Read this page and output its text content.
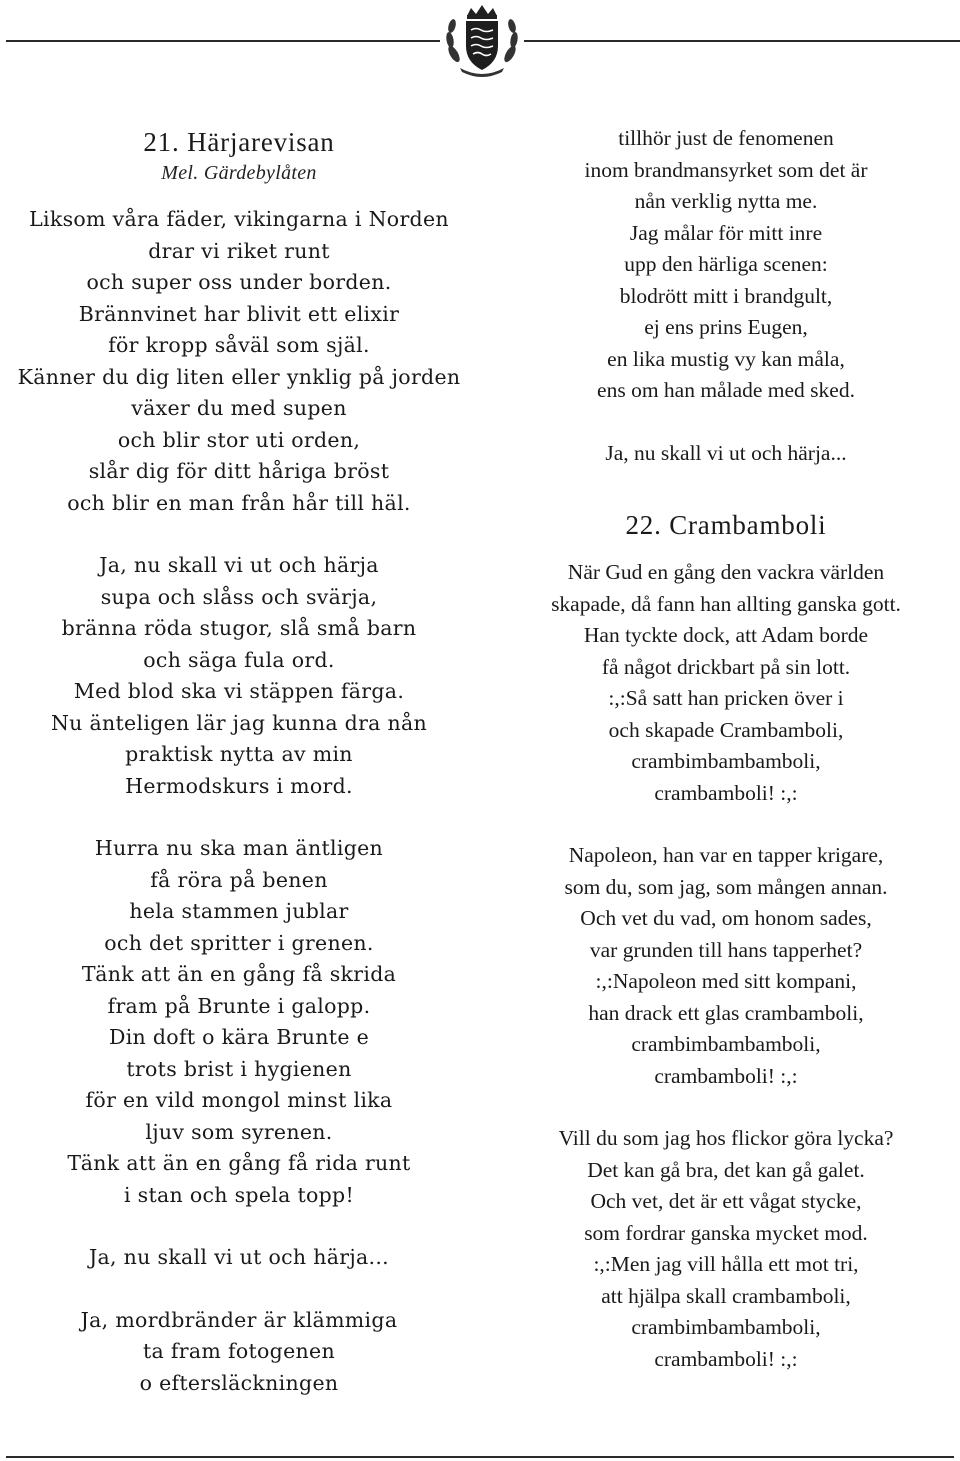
21. Härjarevisan
Mel. Gärdebylåten
Liksom våra fäder, vikingarna i Norden
drar vi riket runt
och super oss under borden.
Brännvinet har blivit ett elixir
för kropp såväl som själ.
Känner du dig liten eller ynklig på jorden
växer du med supen
och blir stor uti orden,
slår dig för ditt håriga bröst
och blir en man från hår till häl.
Ja, nu skall vi ut och härja
supa och slåss och svärja,
bränna röda stugor, slå små barn
och säga fula ord.
Med blod ska vi stäppen färga.
Nu änteligen lär jag kunna dra nån
praktisk nytta av min
Hermodskurs i mord.
Hurra nu ska man äntligen
få röra på benen
hela stammen jublar
och det spritter i grenen.
Tänk att än en gång få skrida
fram på Brunte i galopp.
Din doft o kära Brunte e
trots brist i hygienen
för en vild mongol minst lika
ljuv som syrenen.
Tänk att än en gång få rida runt
i stan och spela topp!
Ja, nu skall vi ut och härja...
Ja, mordbränder är klämmiga
ta fram fotogenen
o eftersläckningen
tillhör just de fenomenen
inom brandmansyrket som det är
nån verklig nytta me.
Jag målar för mitt inre
upp den härliga scenen:
blodrött mitt i brandgult,
ej ens prins Eugen,
en lika mustig vy kan måla,
ens om han målade med sked.
Ja, nu skall vi ut och härja...
22. Crambamboli
När Gud en gång den vackra världen
skapade, då fann han allting ganska gott.
Han tyckte dock, att Adam borde
få något drickbart på sin lott.
:,:Så satt han pricken över i
och skapade Crambamboli,
crambimbambamboli,
crambamboli! :,:
Napoleon, han var en tapper krigare,
som du, som jag, som mången annan.
Och vet du vad, om honom sades,
var grunden till hans tapperhet?
:,:Napoleon med sitt kompani,
han drack ett glas crambamboli,
crambimbambamboli,
crambamboli! :,:
Vill du som jag hos flickor göra lycka?
Det kan gå bra, det kan gå galet.
Och vet, det är ett vågat stycke,
som fordrar ganska mycket mod.
:,:Men jag vill hålla ett mot tri,
att hjälpa skall crambamboli,
crambimbambamboli,
crambamboli! :,:
